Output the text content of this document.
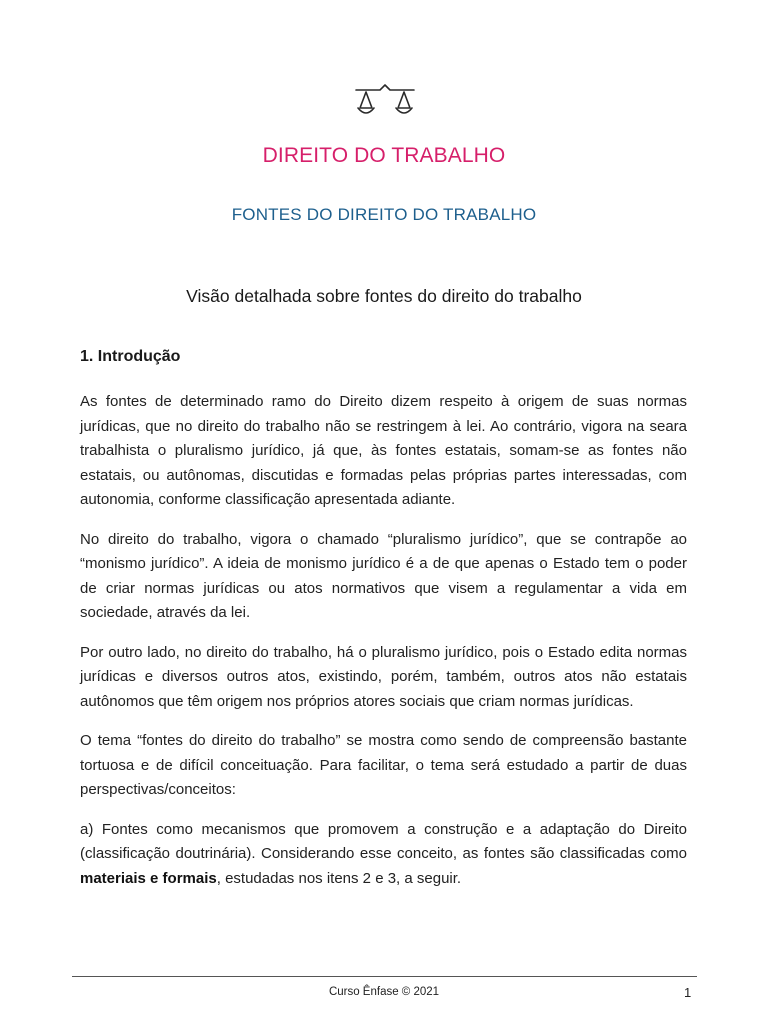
DIREITO DO TRABALHO
FONTES DO DIREITO DO TRABALHO
Visão detalhada sobre fontes do direito do trabalho
1. Introdução

As fontes de determinado ramo do Direito dizem respeito à origem de suas normas jurídicas, que no direito do trabalho não se restringem à lei. Ao contrário, vigora na seara trabalhista o pluralismo jurídico, já que, às fontes estatais, somam-se as fontes não estatais, ou autônomas, discutidas e formadas pelas próprias partes interessadas, com autonomia, conforme classificação apresentada adiante.

No direito do trabalho, vigora o chamado “pluralismo jurídico”, que se contrapõe ao “monismo jurídico”. A ideia de monismo jurídico é a de que apenas o Estado tem o poder de criar normas jurídicas ou atos normativos que visem a regulamentar a vida em sociedade, através da lei.

Por outro lado, no direito do trabalho, há o pluralismo jurídico, pois o Estado edita normas jurídicas e diversos outros atos, existindo, porém, também, outros atos não estatais autônomos que têm origem nos próprios atores sociais que criam normas jurídicas.

O tema “fontes do direito do trabalho” se mostra como sendo de compreensão bastante tortuosa e de difícil conceituação. Para facilitar, o tema será estudado a partir de duas perspectivas/conceitos:

a) Fontes como mecanismos que promovem a construção e a adaptação do Direito (classificação doutrinária). Considerando esse conceito, as fontes são classificadas como materiais e formais, estudadas nos itens 2 e 3, a seguir.

Curso Ênfase © 2021	1
